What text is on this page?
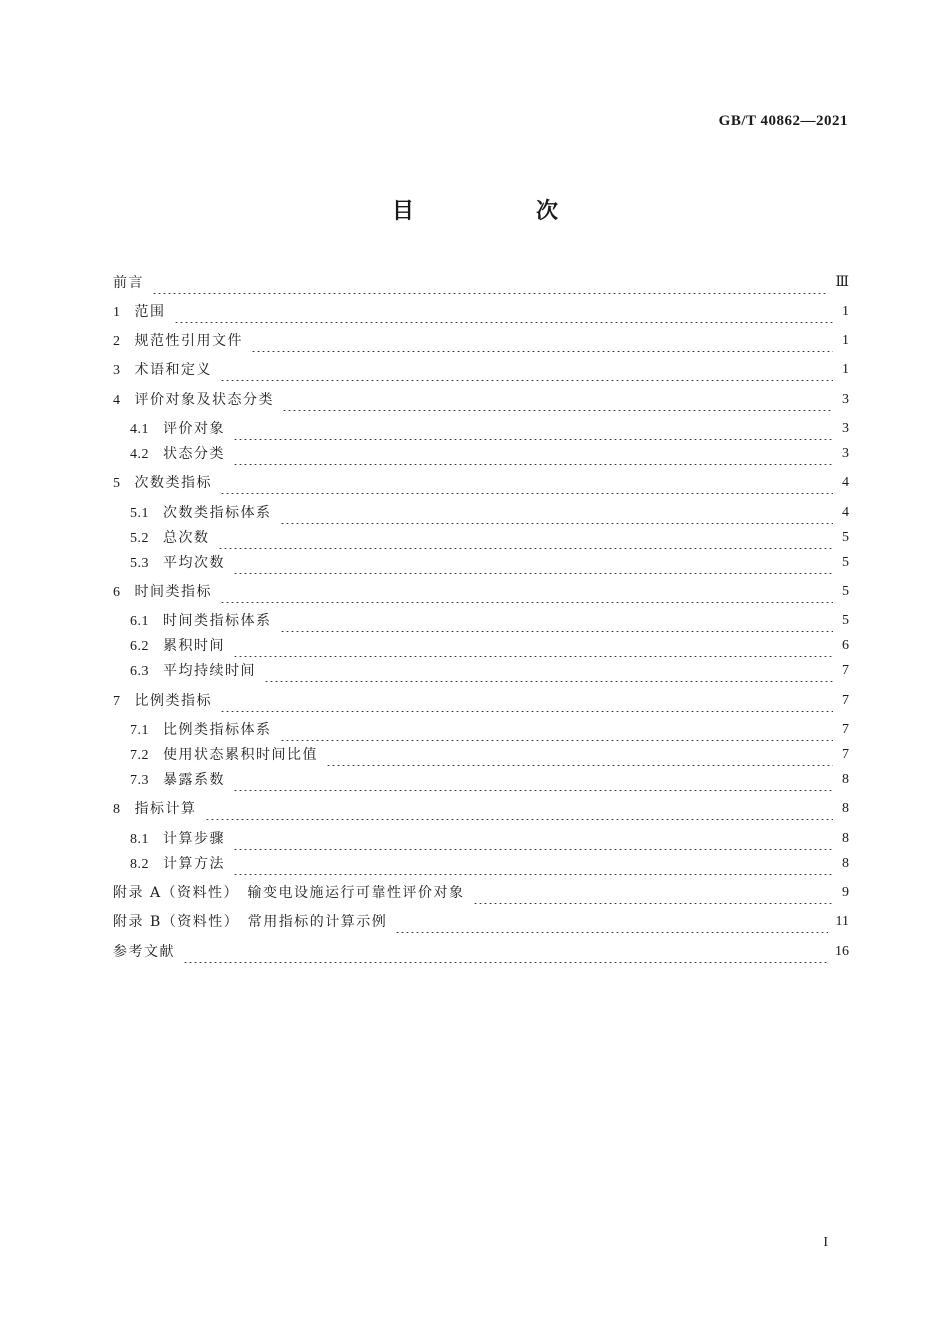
GB/T 40862—2021
目　次
前言	Ⅲ
1 范围	1
2 规范性引用文件	1
3 术语和定义	1
4 评价对象及状态分类	3
4.1 评价对象	3
4.2 状态分类	3
5 次数类指标	4
5.1 次数类指标体系	4
5.2 总次数	5
5.3 平均次数	5
6 时间类指标	5
6.1 时间类指标体系	5
6.2 累积时间	6
6.3 平均持续时间	7
7 比例类指标	7
7.1 比例类指标体系	7
7.2 使用状态累积时间比值	7
7.3 暴露系数	8
8 指标计算	8
8.1 计算步骤	8
8.2 计算方法	8
附录 A（资料性）　输变电设施运行可靠性评价对象	9
附录 B（资料性）　常用指标的计算示例	11
参考文献	16
I
